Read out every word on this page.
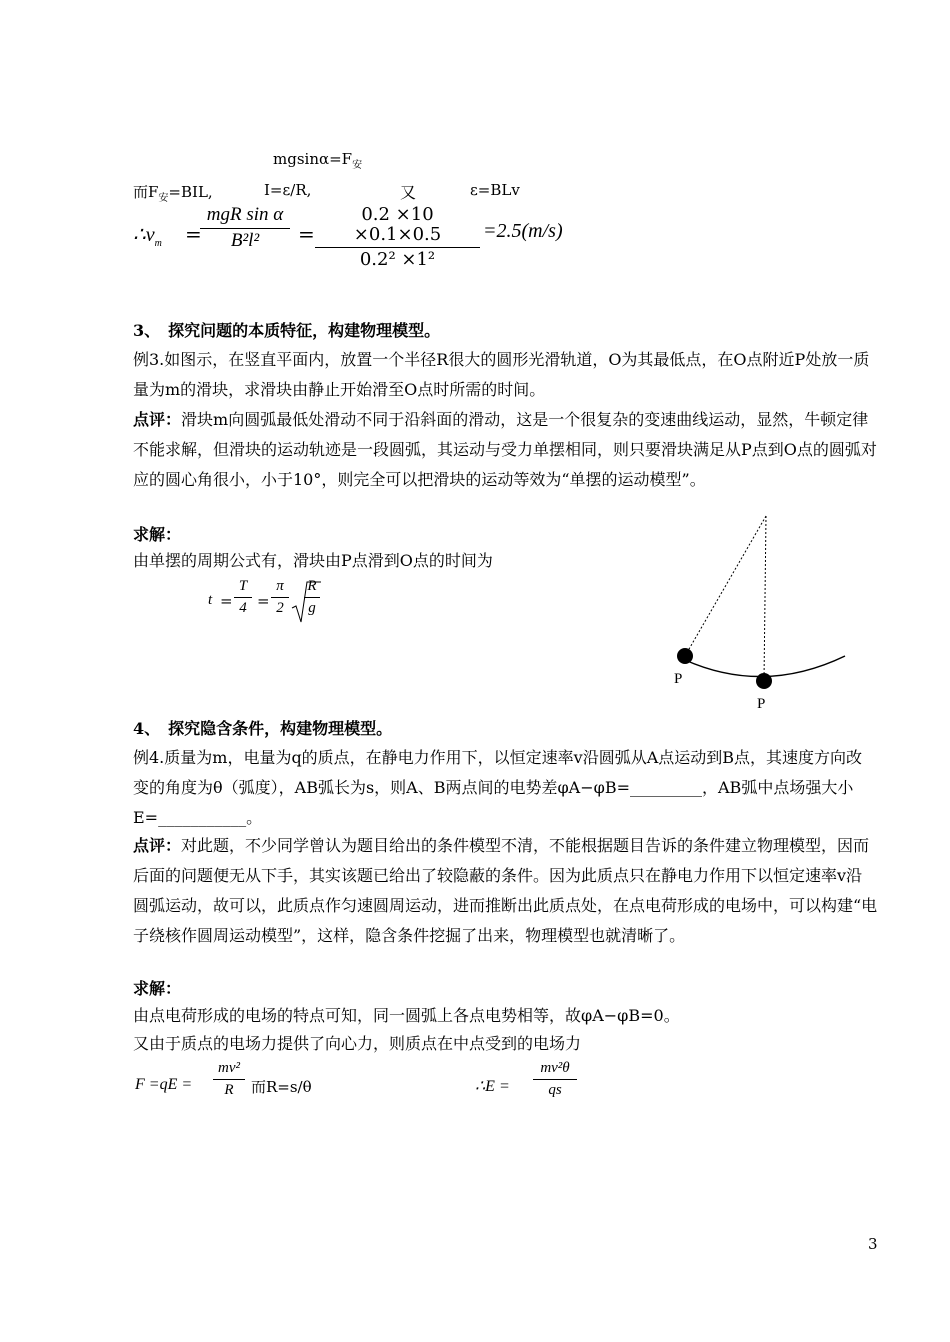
$mgsin\alpha=F_安$
而$F_安=BIL$,	I=ε/R,	又	ε=BLv
$\therefore v_m$ =
mgR sin α
B²l²	=
0.2 ×10 ×0.1×0.5
0.2² ×1²
=2.5(m/s)
3、　探究问题的本质特征，构建物理模型。
例3.如图示，在竖直平面内，放置一个半径R很大的圆形光滑轨道，O为其最低点，在O点附近P处放一质量为m的滑块，求滑块由静止开始滑至O点时所需的时间。
点评：滑块m向圆弧最低处滑动不同于沿斜面的滑动，这是一个很复杂的变速曲线运动，显然，牛顿定律不能求解，但滑块的运动轨迹是一段圆弧，其运动与受力单摆相同，则只要滑块满足从P点到O点的圆弧对应的圆心角很小，小于10°，则完全可以把滑块的运动等效为“单摆的运动模型”。
求解：
由单摆的周期公式有，滑块由P点滑到O点的时间为
t =
T
4 =
π
2
R
g
P
P
4、　探究隐含条件，构建物理模型。
例4.质量为m，电量为q的质点，在静电力作用下，以恒定速率v沿圆弧从A点运动到B点，其速度方向改变的角度为θ（弧度），AB弧长为s，则A、B两点间的电势差φA−φB=_________，AB弧中点场强大小E=___________。
点评：对此题，不少同学曾认为题目给出的条件模型不清，不能根据题目告诉的条件建立物理模型，因而后面的问题便无从下手，其实该题已给出了较隐蔽的条件。因为此质点只在静电力作用下以恒定速率v沿圆弧运动，故可以，此质点作匀速圆周运动，进而推断出此质点处，在点电荷形成的电场中，可以构建“电子绕核作圆周运动模型”，这样，隐含条件挖掘了出来，物理模型也就清晰了。
求解：
由点电荷形成的电场的特点可知，同一圆弧上各点电势相等，故φA−φB=0。
又由于质点的电场力提供了向心力，则质点在中点受到的电场力
F =qE =
mv²
R	而R=s/θ	∴E =
mv²θ
qs
3
